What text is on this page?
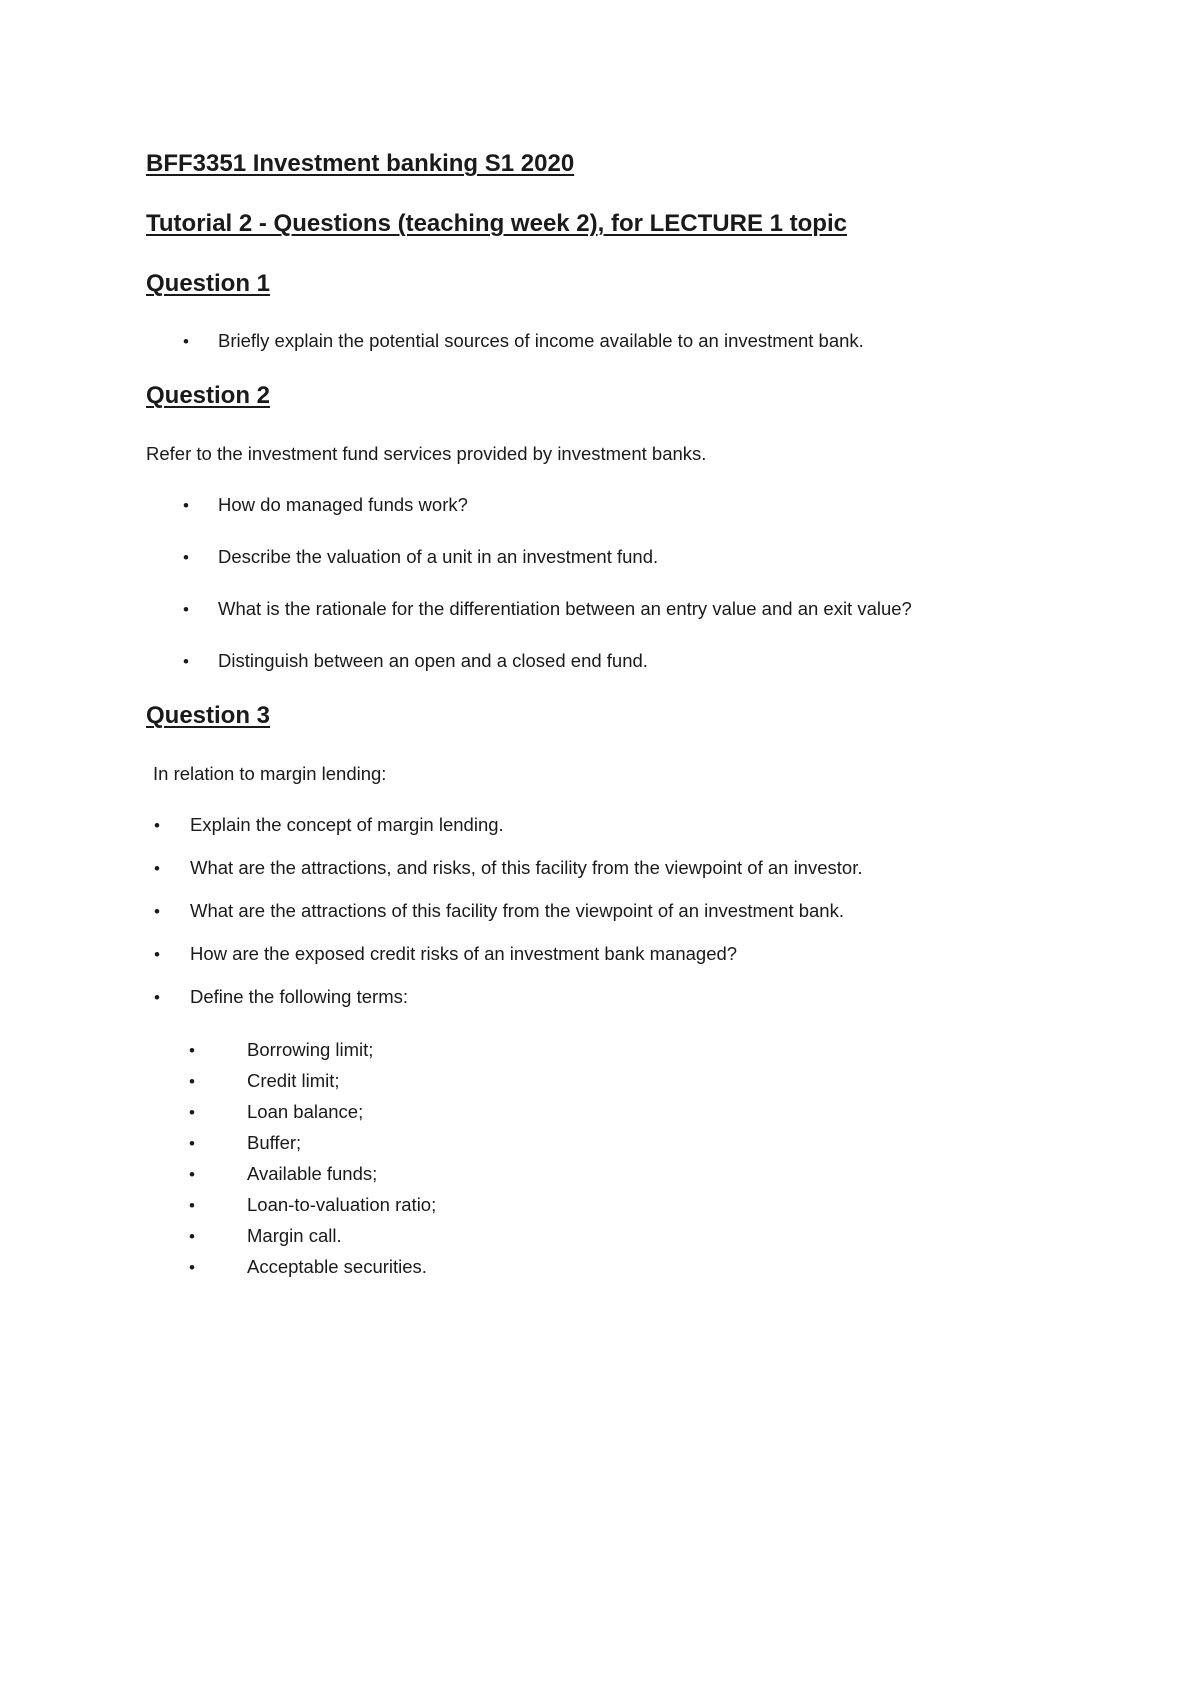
BFF3351 Investment banking S1 2020
Tutorial 2 - Questions (teaching week 2), for LECTURE 1 topic
Question 1
• Briefly explain the potential sources of income available to an investment bank.
Question 2
Refer to the investment fund services provided by investment banks.
• How do managed funds work?
• Describe the valuation of a unit in an investment fund.
• What is the rationale for the differentiation between an entry value and an exit value?
• Distinguish between an open and a closed end fund.
Question 3
In relation to margin lending:
• Explain the concept of margin lending.
• What are the attractions, and risks, of this facility from the viewpoint of an investor.
• What are the attractions of this facility from the viewpoint of an investment bank.
• How are the exposed credit risks of an investment bank managed?
• Define the following terms:
•	Borrowing limit;
•	Credit limit;
•	Loan balance;
•	Buffer;
•	Available funds;
•	Loan-to-valuation ratio;
•	Margin call.
•	Acceptable securities.
